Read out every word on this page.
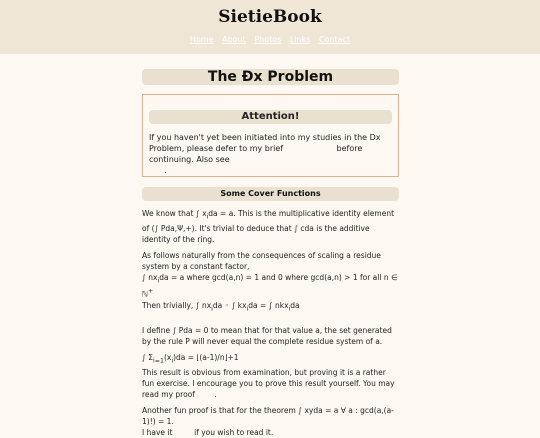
SietieBook
Home About Photos Links Contact
The Đx Problem
Attention!
If you haven't yet been initiated into my studies in the Dx Problem, please defer to my brief introduction before continuing. Also see
.
Some Cover Functions

We know that ∫ $x_ida = a$. This is the multiplicative identity element of (∫ Pda,Ψ,+). It's trivial to deduce that ∫ cda is the additive identity of the ring.

As follows naturally from the consequences of scaling a residue system by a constant factor,

∫ $nx_ida = a$ where gcd(a,n) = 1 and 0 where gcd(a,n) > 1 for all n ∈ ℕ+

Then trivially, ∫ $nx_ida$ ◦ ∫ $kx_ida$ = ∫ nkx$_i$da

I define ∫ Pda = 0 to mean that for that value a, the set generated by the rule P will never equal the complete residue system of a.

∫ $\Sigma_{i=1}(x_i)da$ = ⌊(a-1)/n⌋+1

This result is obvious from examination, but proving it is a rather fun exercise. I encourage you to prove this result yourself. You may read my proof here.

Another fun proof is that for the theorem ∫ xyda = a ∀ a : gcd(a,(a-1)!) = 1.

I have it here if you wish to read it.
